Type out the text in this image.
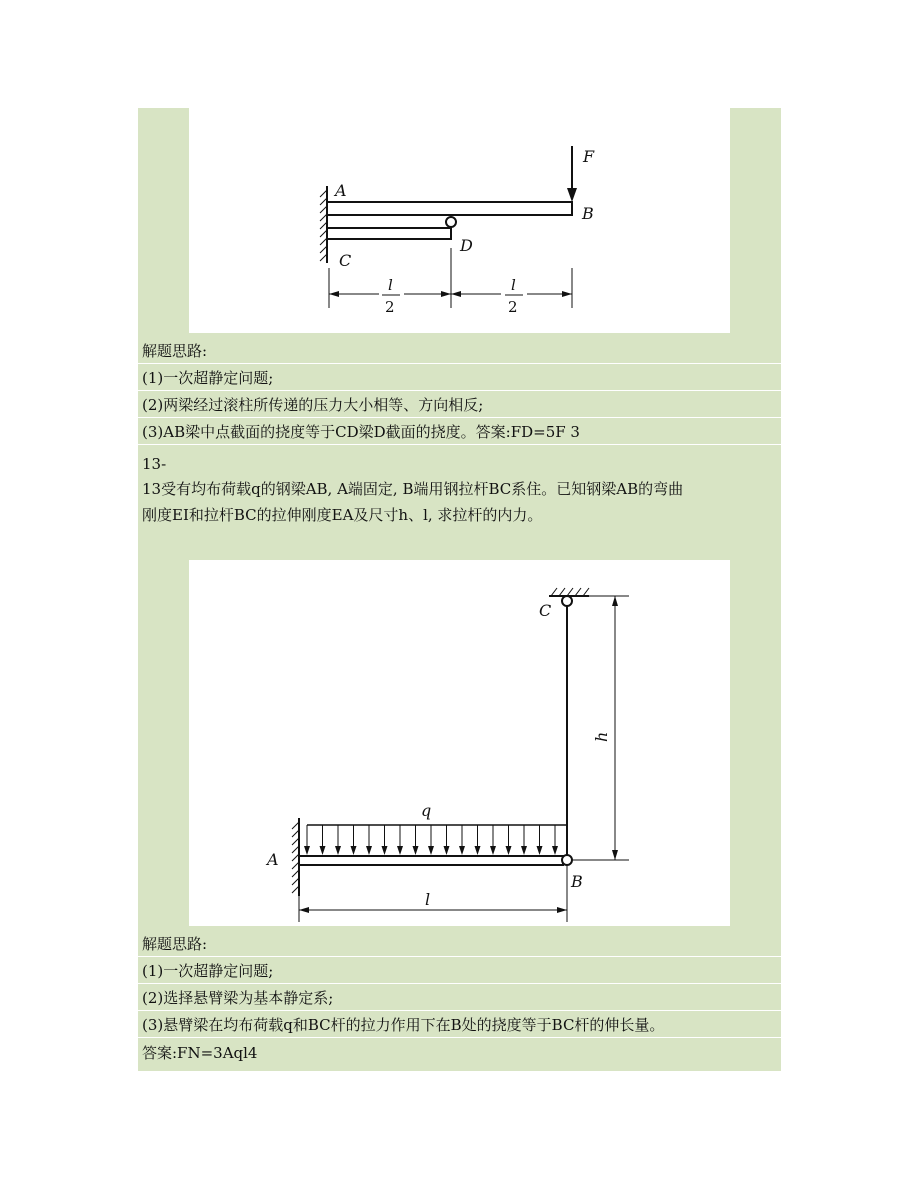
F
A
B
C
D
l
2
l
2
解题思路:
(1)一次超静定问题;
(2)两梁经过滚柱所传递的压力大小相等、方向相反;
(3)AB梁中点截面的挠度等于CD梁D截面的挠度。答案:FD=5F 3
13-
13受有均布荷载q的钢梁AB, A端固定, B端用钢拉杆BC系住。已知钢梁AB的弯曲
刚度EI和拉杆BC的拉伸刚度EA及尺寸h、l, 求拉杆的内力。
C
q
A
B
h
l
解题思路:
(1)一次超静定问题;
(2)选择悬臂梁为基本静定系;
(3)悬臂梁在均布荷载q和BC杆的拉力作用下在B处的挠度等于BC杆的伸长量。
答案:FN=3Aql4
